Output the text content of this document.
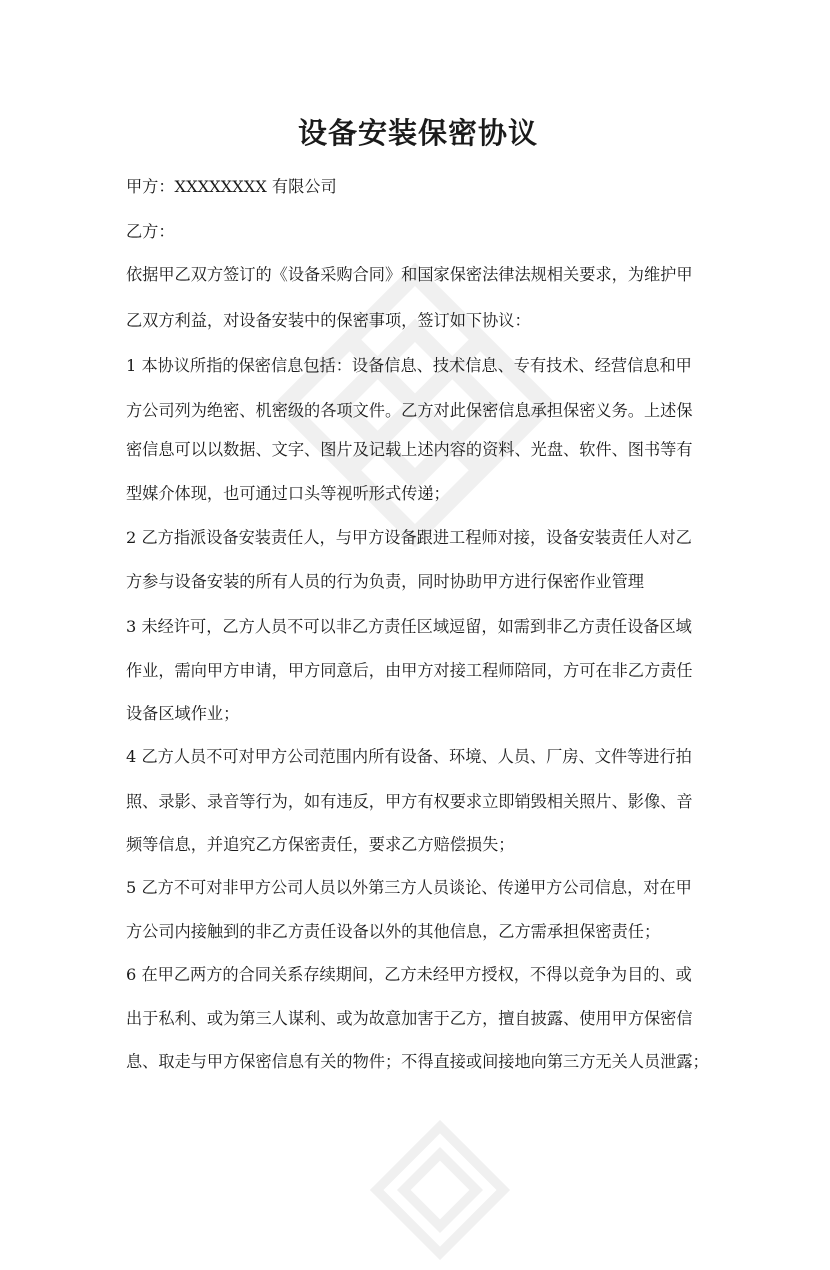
设备安装保密协议
甲方：XXXXXXXX 有限公司
乙方：
依据甲乙双方签订的《设备采购合同》和国家保密法律法规相关要求，为维护甲
乙双方利益，对设备安装中的保密事项，签订如下协议：
1 本协议所指的保密信息包括：设备信息、技术信息、专有技术、经营信息和甲
方公司列为绝密、机密级的各项文件。乙方对此保密信息承担保密义务。上述保
密信息可以以数据、文字、图片及记载上述内容的资料、光盘、软件、图书等有
型媒介体现，也可通过口头等视听形式传递；
2 乙方指派设备安装责任人，与甲方设备跟进工程师对接，设备安装责任人对乙
方参与设备安装的所有人员的行为负责，同时协助甲方进行保密作业管理
3 未经许可，乙方人员不可以非乙方责任区域逗留，如需到非乙方责任设备区域
作业，需向甲方申请，甲方同意后，由甲方对接工程师陪同，方可在非乙方责任
设备区域作业；
4 乙方人员不可对甲方公司范围内所有设备、环境、人员、厂房、文件等进行拍
照、录影、录音等行为，如有违反，甲方有权要求立即销毁相关照片、影像、音
频等信息，并追究乙方保密责任，要求乙方赔偿损失；
5 乙方不可对非甲方公司人员以外第三方人员谈论、传递甲方公司信息，对在甲
方公司内接触到的非乙方责任设备以外的其他信息，乙方需承担保密责任；
6 在甲乙两方的合同关系存续期间，乙方未经甲方授权，不得以竞争为目的、或
出于私利、或为第三人谋利、或为故意加害于乙方，擅自披露、使用甲方保密信
息、取走与甲方保密信息有关的物件；不得直接或间接地向第三方无关人员泄露；
